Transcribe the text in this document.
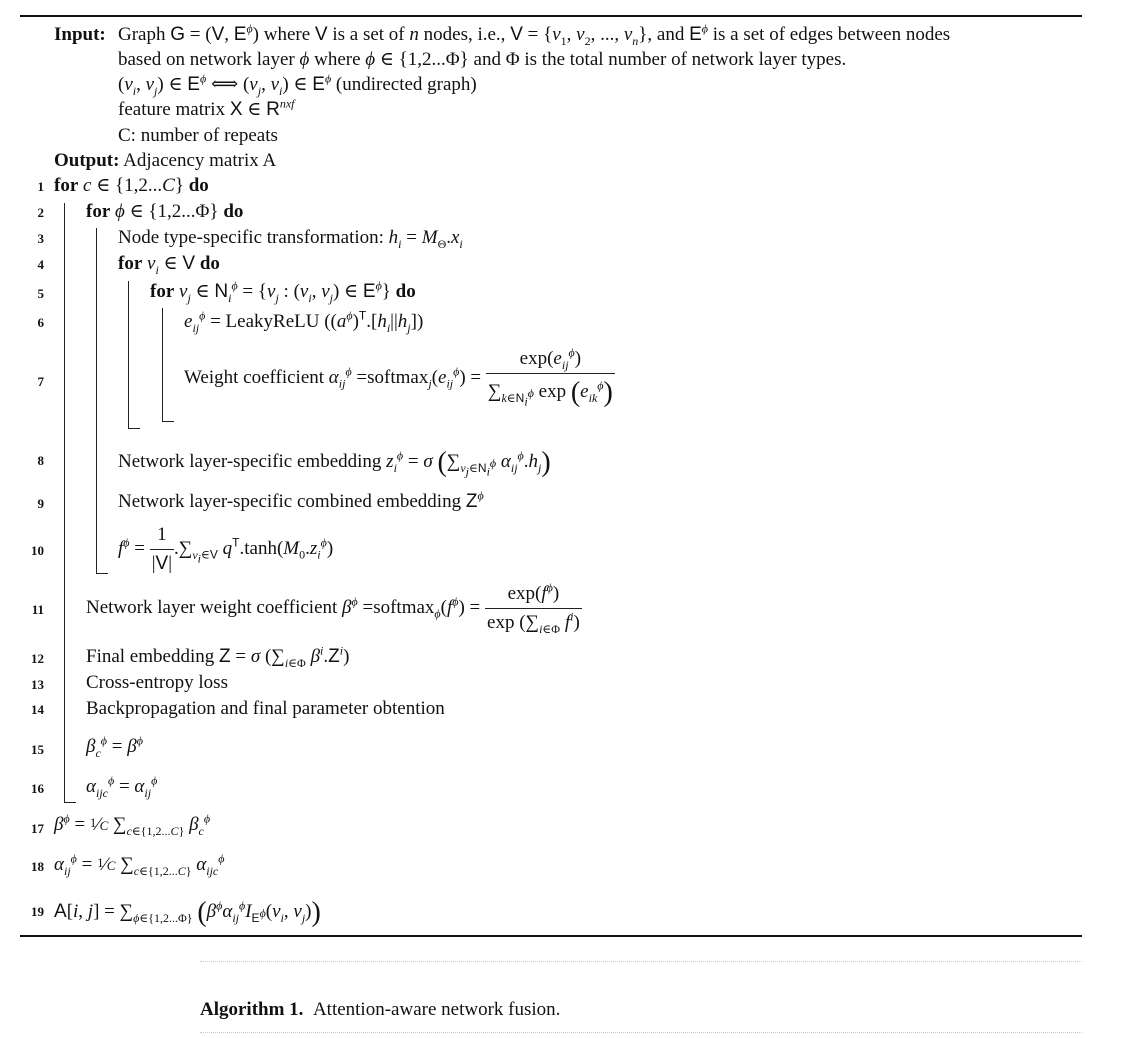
Input: Graph G = (V, $E^\phi$) where V is a set of n nodes, i.e., $V = \{v_1$, $v_2$, ..., $v_n$}, and $E^\phi$ is a set of edges between nodes
based on network layer ϕ where ϕ ∈ {1,2...Φ} and Φ is the total number of network layer types.
($v_i$, $v_j$) ∈ $E^\phi$ ⟺ ($v_j$, $v_i$) ∈ $E^\phi$ (undirected graph)
feature matrix X ∈ $R^{nxf}$
C: number of repeats
Output: Adjacency matrix A
1
2
3
4
5
6
7
8
9
10
11
12
13
14
15
16
17
18
19
for c ∈ {1,2...C} do
for ϕ ∈ {1,2...Φ} do
Node type-specific transformation: $h_i = M_\Theta.x_i$
for $v_i$ ∈ V do
for $v_j$ ∈ $N_i^\phi = \{v_j$ : ($v_i$, $v_j$) ∈ $E^\phi$} do
$e_{ij}^\phi$ = LeakyReLU $((a^\phi)^T.[h_i||h_j])$
Weight coefficient $\alpha_{ij}^\phi$ $=softmax_j(e_{ij}^\phi) = \frac{\exp(e_{ij}^\phi)}{\sum_{k\in N_i^\phi} \exp (e_{ik}^\phi)}$
Network layer-specific embedding $z_i^\phi = \sigma$ ($\sum_{v_j\in N_i^\phi}$ $\alpha_{ij}^\phi.h_j$)
Network layer-specific combined embedding $Z^\phi$
$f^\phi = \frac{1}{|V|} .\sum_{v_i\in V}$ $q^T.\tanh(M_0.z_i^\phi)$
Network layer weight coefficient $\beta^\phi$ $=softmax_\phi(f^\phi) = \frac{\exp(f^\phi)}{\exp (\sum_{i\in\Phi} f^i)}$
Final embedding Z = σ ($\sum_{i\in\Phi}$ $\beta^i.Z^i$)
Cross-entropy loss
Backpropagation and final parameter obtention
$\beta_c^\phi = \beta^\phi$
$\alpha_{ijc}^\phi = \alpha_{ij}^\phi$
$\beta^\phi$ = 1⁄C $\sum_{c\in\{1,2...C\}}$ $\beta_c^\phi$
$\alpha_{ij}^\phi$ = 1⁄C $\sum_{c\in\{1,2...C\}}$ $\alpha_{ijc}^\phi$
A[i, $j] = \sum_{\phi\in\{1,2...\Phi\}}$ ($\beta^\phi\alpha_{ij}^\phi I_{E^\phi}(v_i$, $v_j$))
Algorithm 1. Attention-aware network fusion.
